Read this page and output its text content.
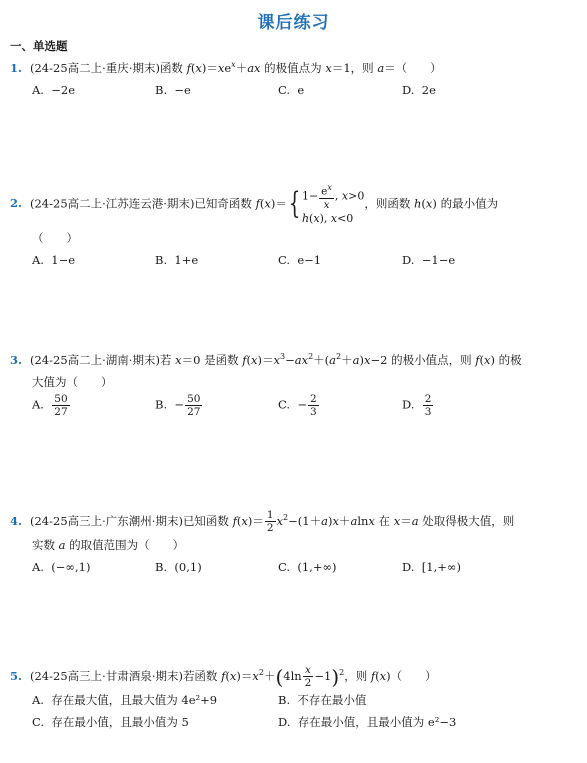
课后练习
一、单选题
1. (24-25高二上·重庆·期末)函数 $f(x)=xe^x+ax$ 的极值点为 x＝1，则 a＝（　　）
A. −2e	B. −e	C. e	D. 2e
2. (24-25高二上·江苏连云港·期末)已知奇函数 f(x)＝{ $1- \frac{e^x}{x}$ , x>0
h(x), x<0，则函数 h(x) 的最小值为
（　　）
A. 1−e	B. 1+e	C. e−1	D. −1−e
3. (24-25高二上·湖南·期末)若 x＝0 是函数 $f(x)=x^3-ax^2+(a^2+a)x-2$ 的极小值点，则 f(x) 的极
大值为（　　）
A. $\frac{50}{27}$	B.  − $\frac{50}{27}$	C.  − $\frac{2}{3}$	D. $\frac{2}{3}$
4. (24-25高三上·广东潮州·期末)已知函数 $f(x)= \frac{1}{2} x^2-(1+a)x+alnx$ 在 x＝a 处取得极大值，则
实数 a 的取值范围为（　　）
A. (−∞,1)	B. (0,1)	C. (1,+∞)	D. [1,+∞)
5. (24-25高三上·甘肃酒泉·期末)若函数 $f(x)=x^2+(4\ln \frac{x}{2} -1)^2$，则 f(x)（　　）
A. 存在最大值，且最大值为 4e²+9	B. 不存在最小值
C. 存在最小值，且最小值为 5	D. 存在最小值，且最小值为 e²−3
